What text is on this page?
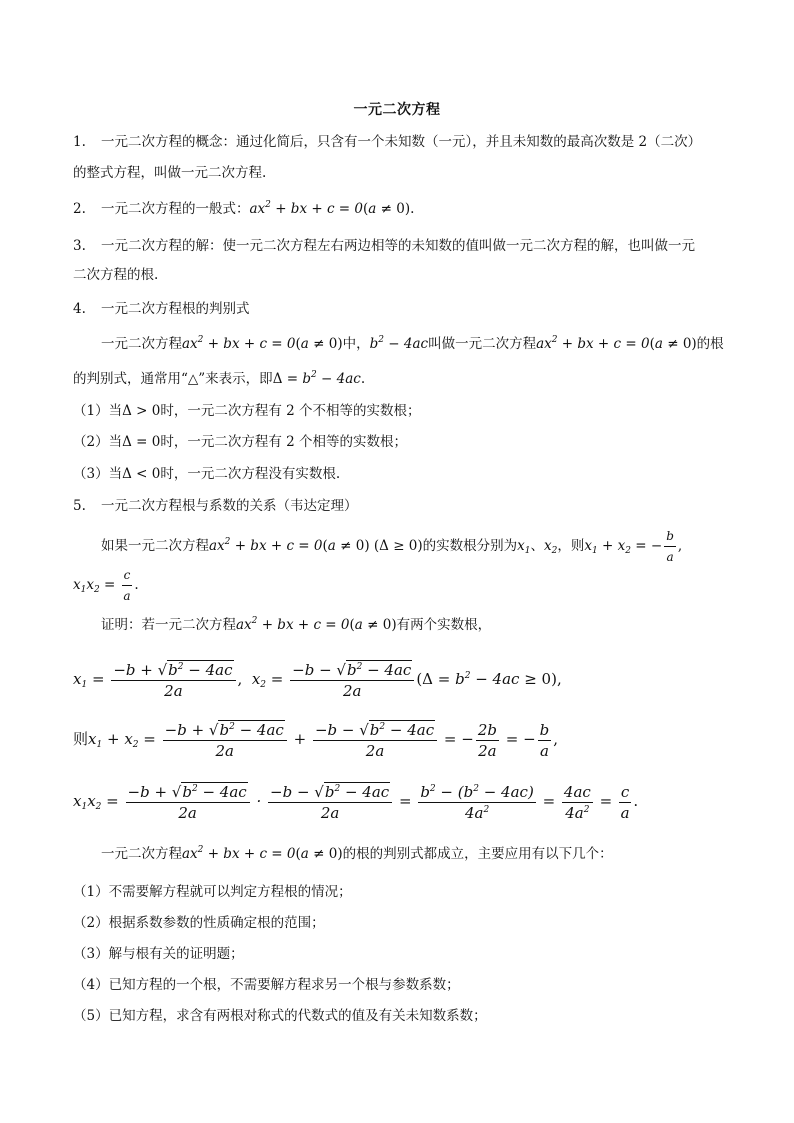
一元二次方程
1. 一元二次方程的概念：通过化简后，只含有一个未知数（一元），并且未知数的最高次数是 2（二次）
的整式方程，叫做一元二次方程.
2. 一元二次方程的一般式：$ax^2$ + bx + c = 0(a ≠ 0).
3. 一元二次方程的解：使一元二次方程左右两边相等的未知数的值叫做一元二次方程的解，也叫做一元
二次方程的根.
4. 一元二次方程根的判别式
一元二次方程$ax^2$ + bx + c = 0(a ≠ 0)中，$b^2 - 4ac$叫做一元二次方程$ax^2$ + bx + c = 0(a ≠ 0)的根
的判别式，通常用“△”来表示，即$\Delta = b^2 - 4ac$.
（1）当Δ > 0时，一元二次方程有 2 个不相等的实数根；
（2）当Δ = 0时，一元二次方程有 2 个相等的实数根；
（3）当Δ < 0时，一元二次方程没有实数根.
5. 一元二次方程根与系数的关系（韦达定理）
如果一元二次方程$ax^2$ + bx + c = 0(a ≠ 0) (Δ ≥ 0)的实数根分别为$x_1$、$x_2$，则$x_1 + x_2$ = − $\frac{b}{a}$ ,
$x_1x_2 = \frac{c}{a}$ .
证明：若一元二次方程$ax^2$ + bx + c = 0(a ≠ 0)有两个实数根，
$x_1 = \frac{-b + √b^2 - 4ac}{2a}$ ,  $x_2 = \frac{-b - √b^2 - 4ac}{2a} (\Delta = b^2 - 4ac \ge 0)$,
则$x_1 + x_2 = \frac{-b + √b^2 - 4ac}{2a} + \frac{-b - √b^2 - 4ac}{2a}$ = − $\frac{2b}{2a}$ = − $\frac{b}{a}$ ,
$x_1x_2 = \frac{-b + √b^2 - 4ac}{2a} \cdot \frac{-b - √b^2 - 4ac}{2a} = \frac{b^2 - (b^2 - 4ac)}{4a^2} = \frac{4ac}{4a^2} = \frac{c}{a}$ .
一元二次方程$ax^2$ + bx + c = 0(a ≠ 0)的根的判别式都成立，主要应用有以下几个：
（1）不需要解方程就可以判定方程根的情况；
（2）根据系数参数的性质确定根的范围；
（3）解与根有关的证明题；
（4）已知方程的一个根，不需要解方程求另一个根与参数系数；
（5）已知方程，求含有两根对称式的代数式的值及有关未知数系数；
